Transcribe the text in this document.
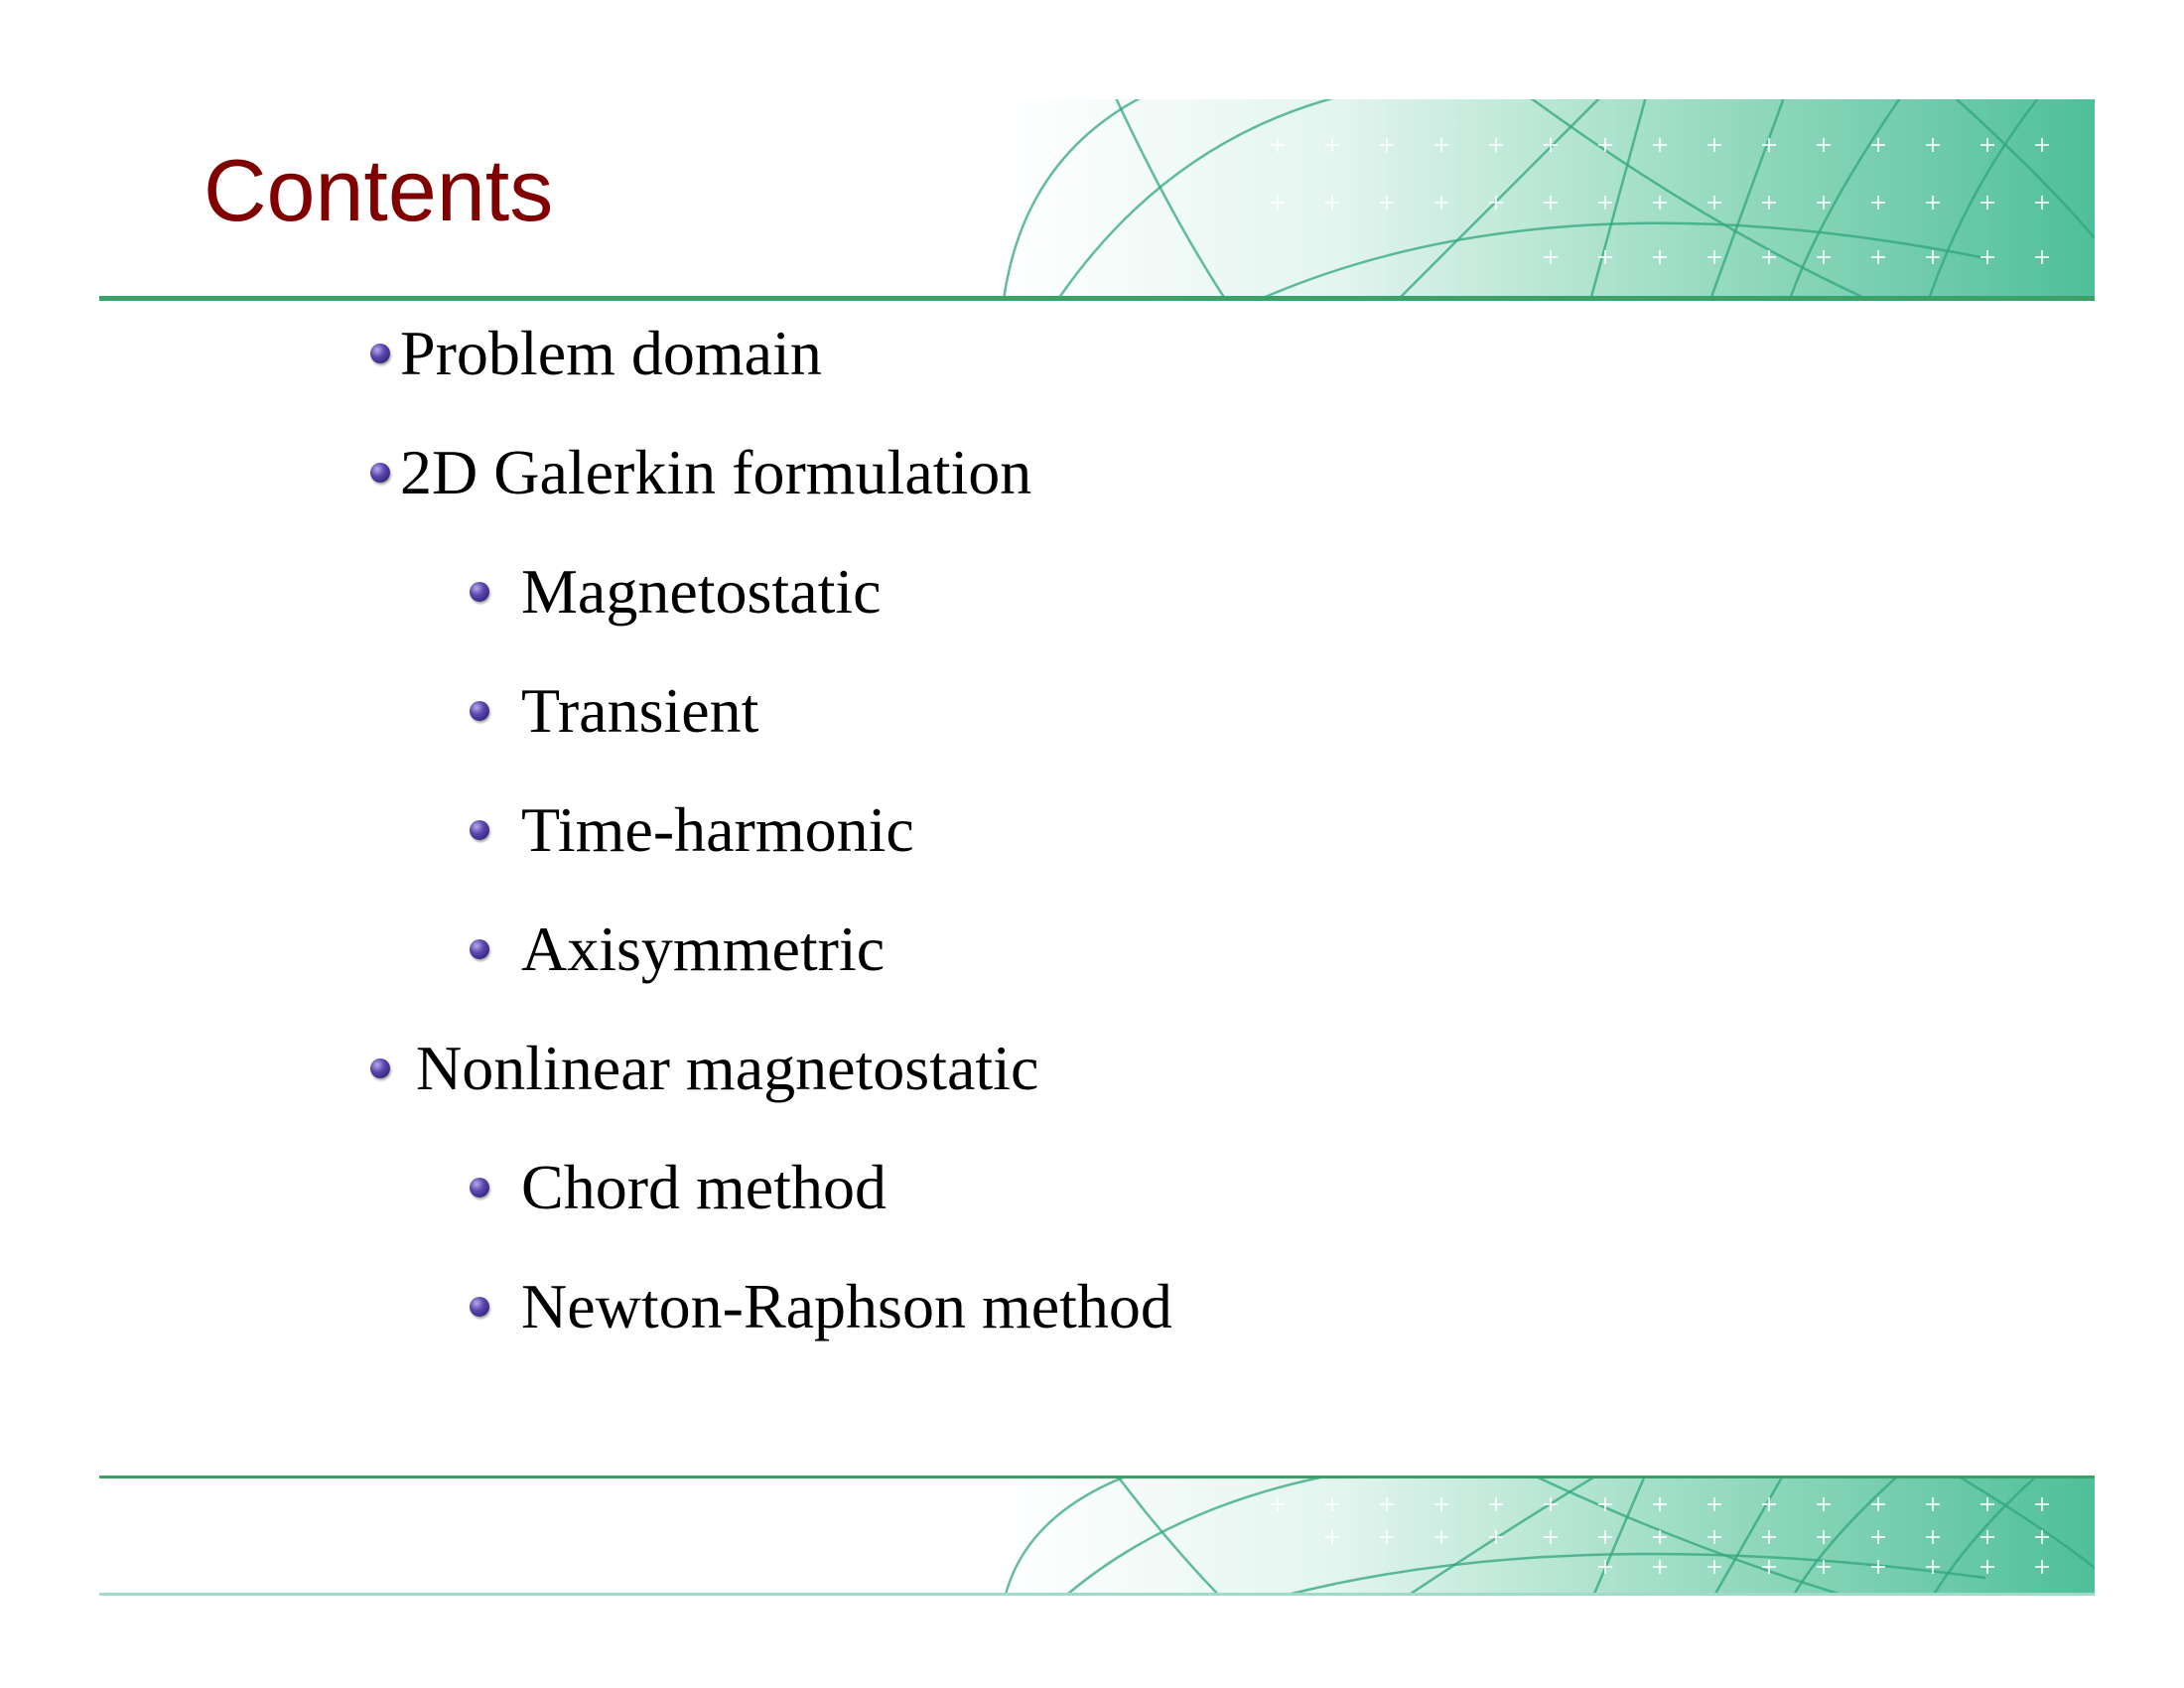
Contents
Problem domain
2D Galerkin formulation
Magnetostatic
Transient
Time-harmonic
Axisymmetric
Nonlinear magnetostatic
Chord method
Newton-Raphson method
